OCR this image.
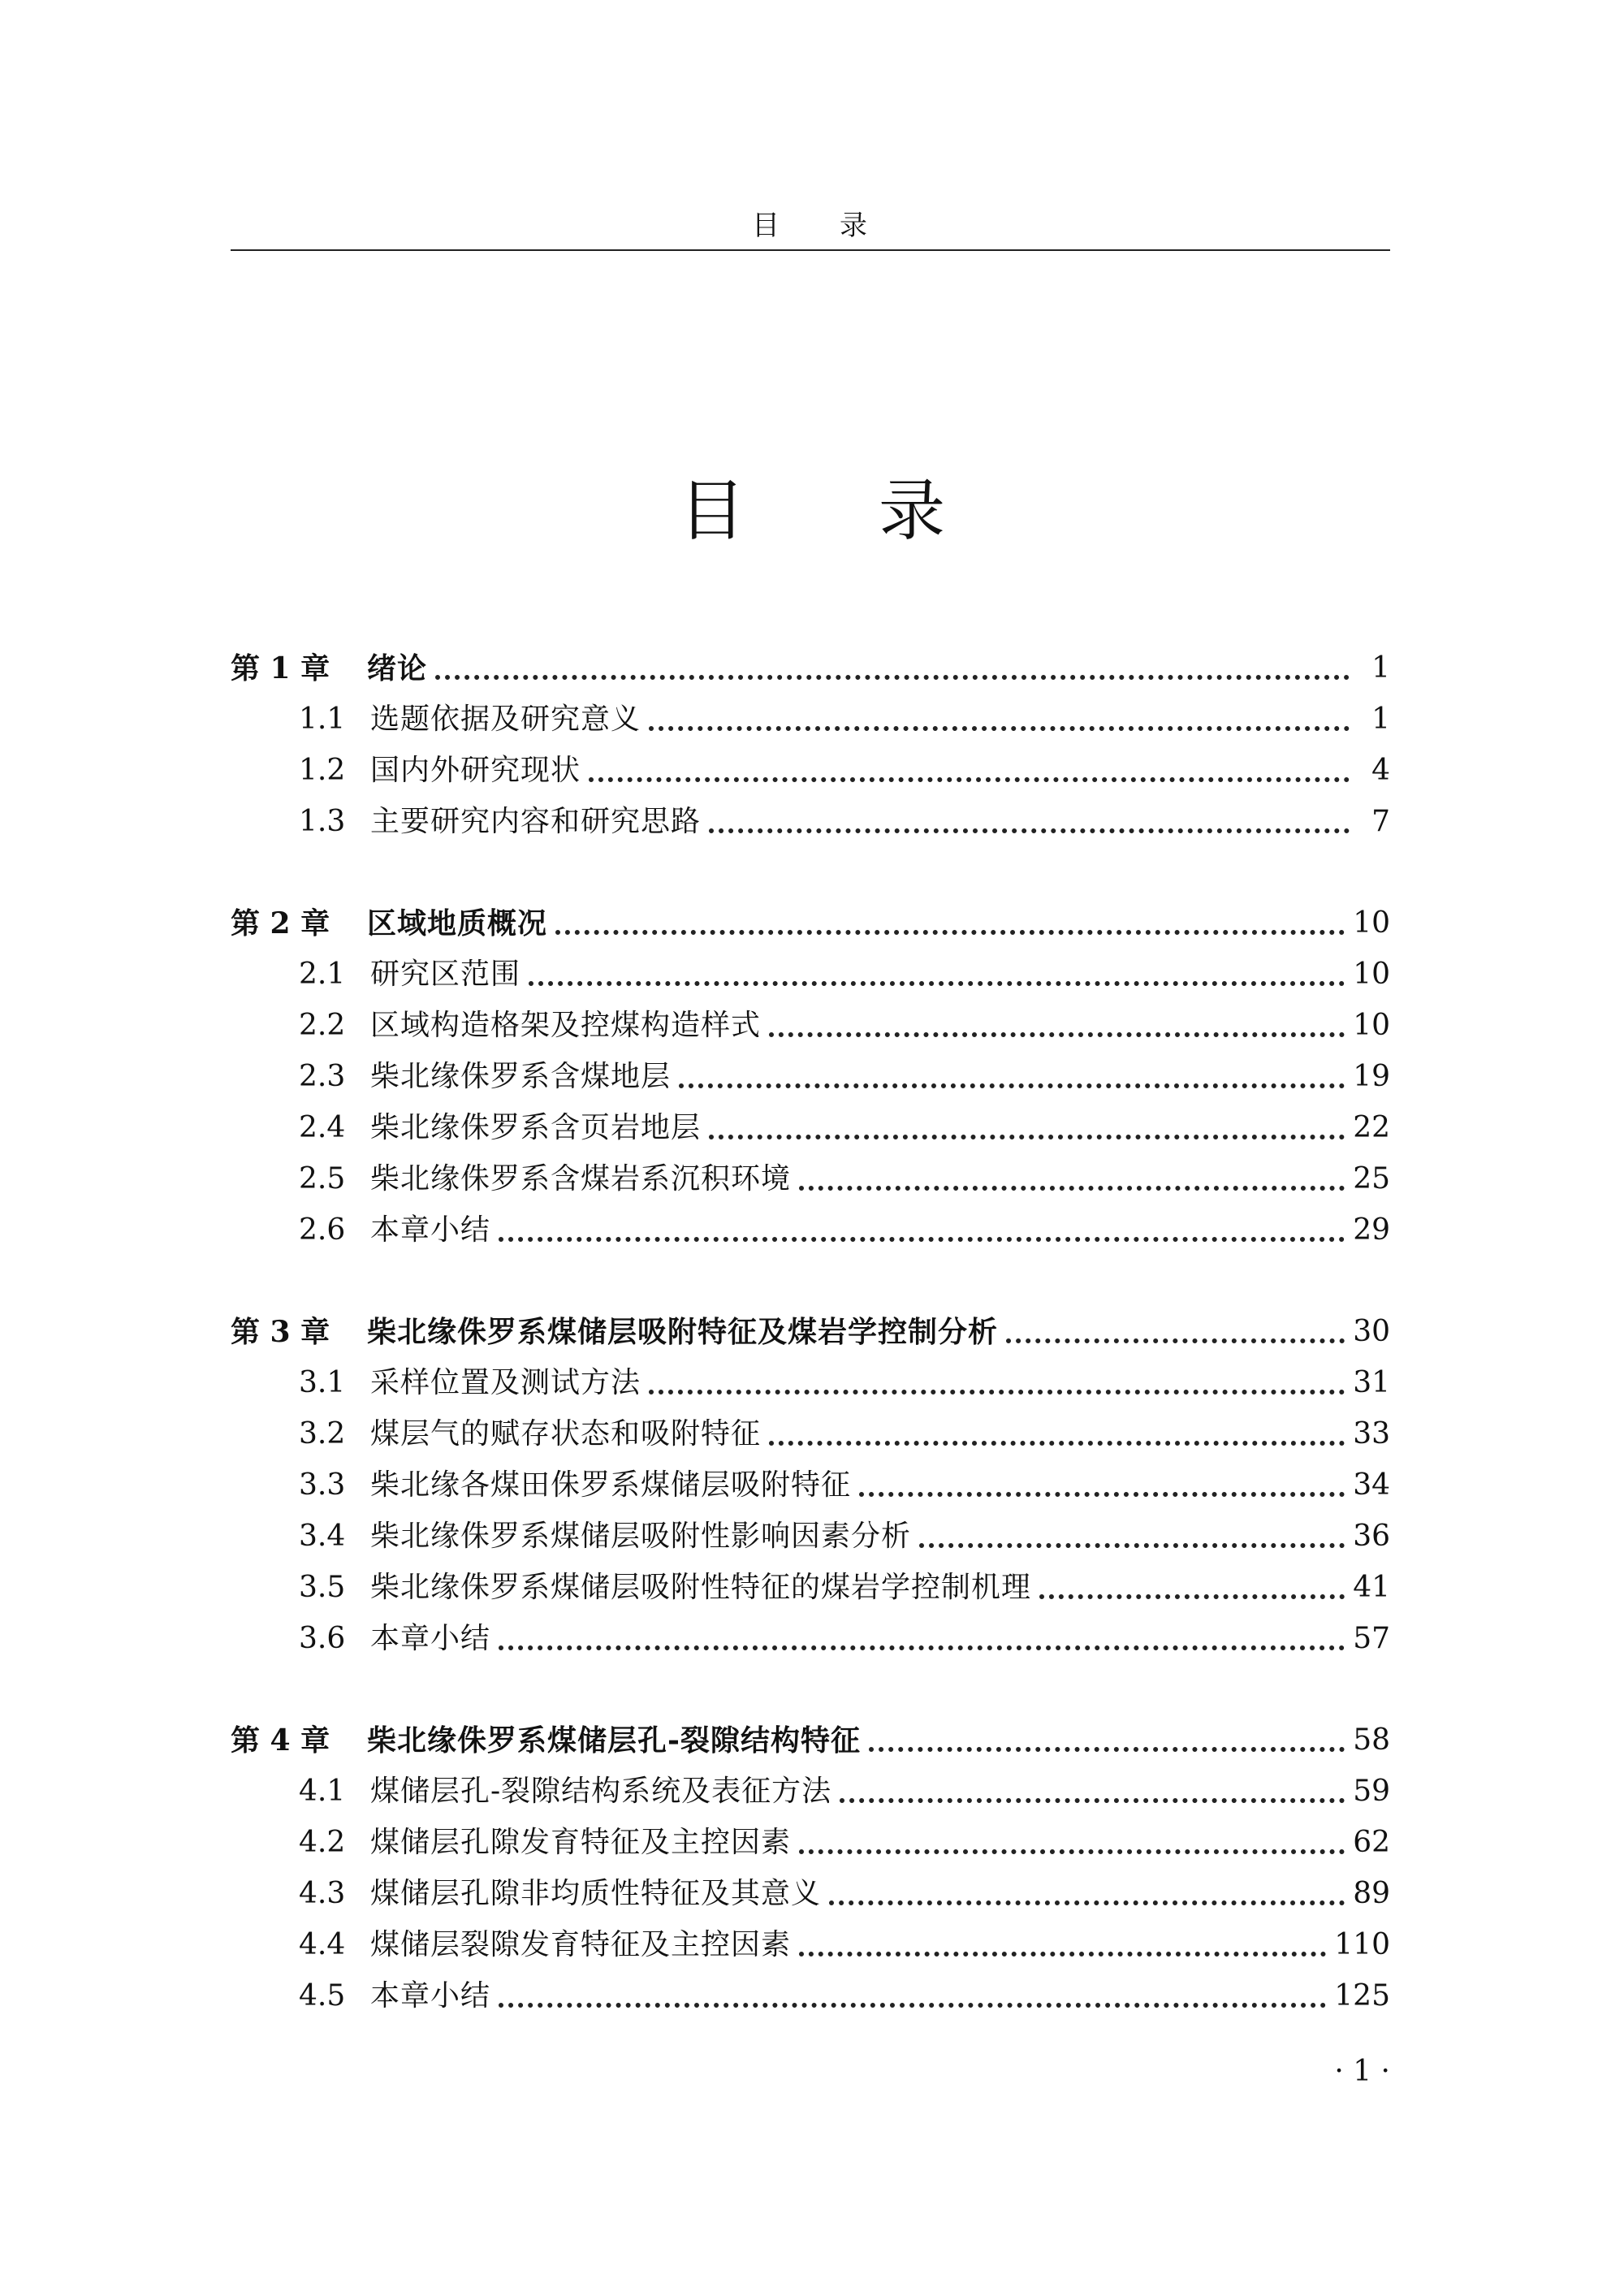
目　　录
目　　录
第 1 章	绪论	1
1.1 选题依据及研究意义	1
1.2 国内外研究现状	4
1.3 主要研究内容和研究思路	7
第 2 章	区域地质概况	10
2.1 研究区范围	10
2.2 区域构造格架及控煤构造样式	10
2.3 柴北缘侏罗系含煤地层	19
2.4 柴北缘侏罗系含页岩地层	22
2.5 柴北缘侏罗系含煤岩系沉积环境	25
2.6 本章小结	29
第 3 章	柴北缘侏罗系煤储层吸附特征及煤岩学控制分析	30
3.1 采样位置及测试方法	31
3.2 煤层气的赋存状态和吸附特征	33
3.3 柴北缘各煤田侏罗系煤储层吸附特征	34
3.4 柴北缘侏罗系煤储层吸附性影响因素分析	36
3.5 柴北缘侏罗系煤储层吸附性特征的煤岩学控制机理	41
3.6 本章小结	57
第 4 章	柴北缘侏罗系煤储层孔-裂隙结构特征	58
4.1 煤储层孔-裂隙结构系统及表征方法	59
4.2 煤储层孔隙发育特征及主控因素	62
4.3 煤储层孔隙非均质性特征及其意义	89
4.4 煤储层裂隙发育特征及主控因素	110
4.5 本章小结	125
· 1 ·
